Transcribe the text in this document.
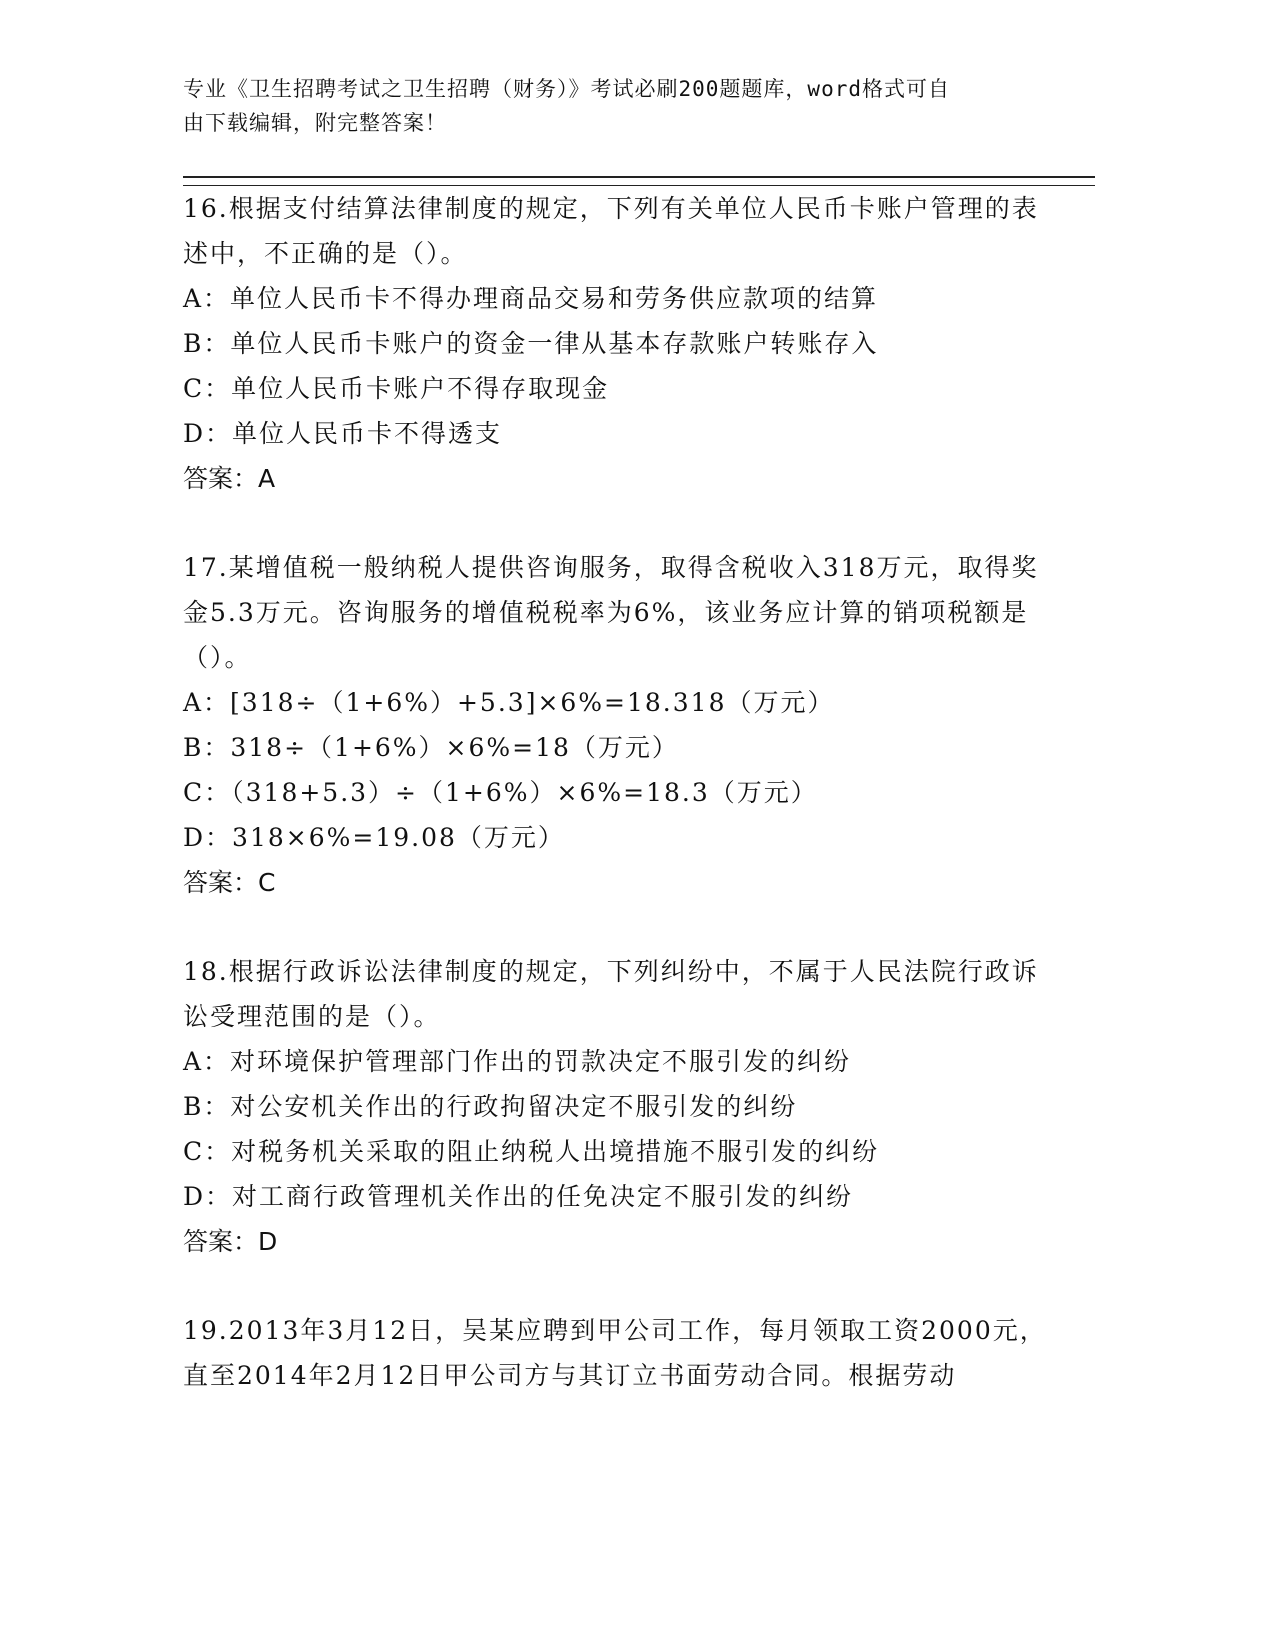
专业《卫生招聘考试之卫生招聘（财务）》考试必刷200题题库，word格式可自
由下载编辑，附完整答案！

16.根据支付结算法律制度的规定，下列有关单位人民币卡账户管理的表述中，不正确的是（）。

A：单位人民币卡不得办理商品交易和劳务供应款项的结算

B：单位人民币卡账户的资金一律从基本存款账户转账存入

C：单位人民币卡账户不得存取现金

D：单位人民币卡不得透支

答案：A

17.某增值税一般纳税人提供咨询服务，取得含税收入318万元，取得奖金5.3万元。咨询服务的增值税税率为6%，该业务应计算的销项税额是（）。

A：[318÷（1+6%）+5.3]×6%=18.318（万元）

B：318÷（1+6%）×6%=18（万元）

C：（318+5.3）÷（1+6%）×6%=18.3（万元）

D：318×6%=19.08（万元）

答案：C

18.根据行政诉讼法律制度的规定，下列纠纷中，不属于人民法院行政诉讼受理范围的是（）。

A：对环境保护管理部门作出的罚款决定不服引发的纠纷

B：对公安机关作出的行政拘留决定不服引发的纠纷

C：对税务机关采取的阻止纳税人出境措施不服引发的纠纷

D：对工商行政管理机关作出的任免决定不服引发的纠纷

答案：D

19.2013年3月12日，吴某应聘到甲公司工作，每月领取工资2000元，直至2014年2月12日甲公司方与其订立书面劳动合同。根据劳动
